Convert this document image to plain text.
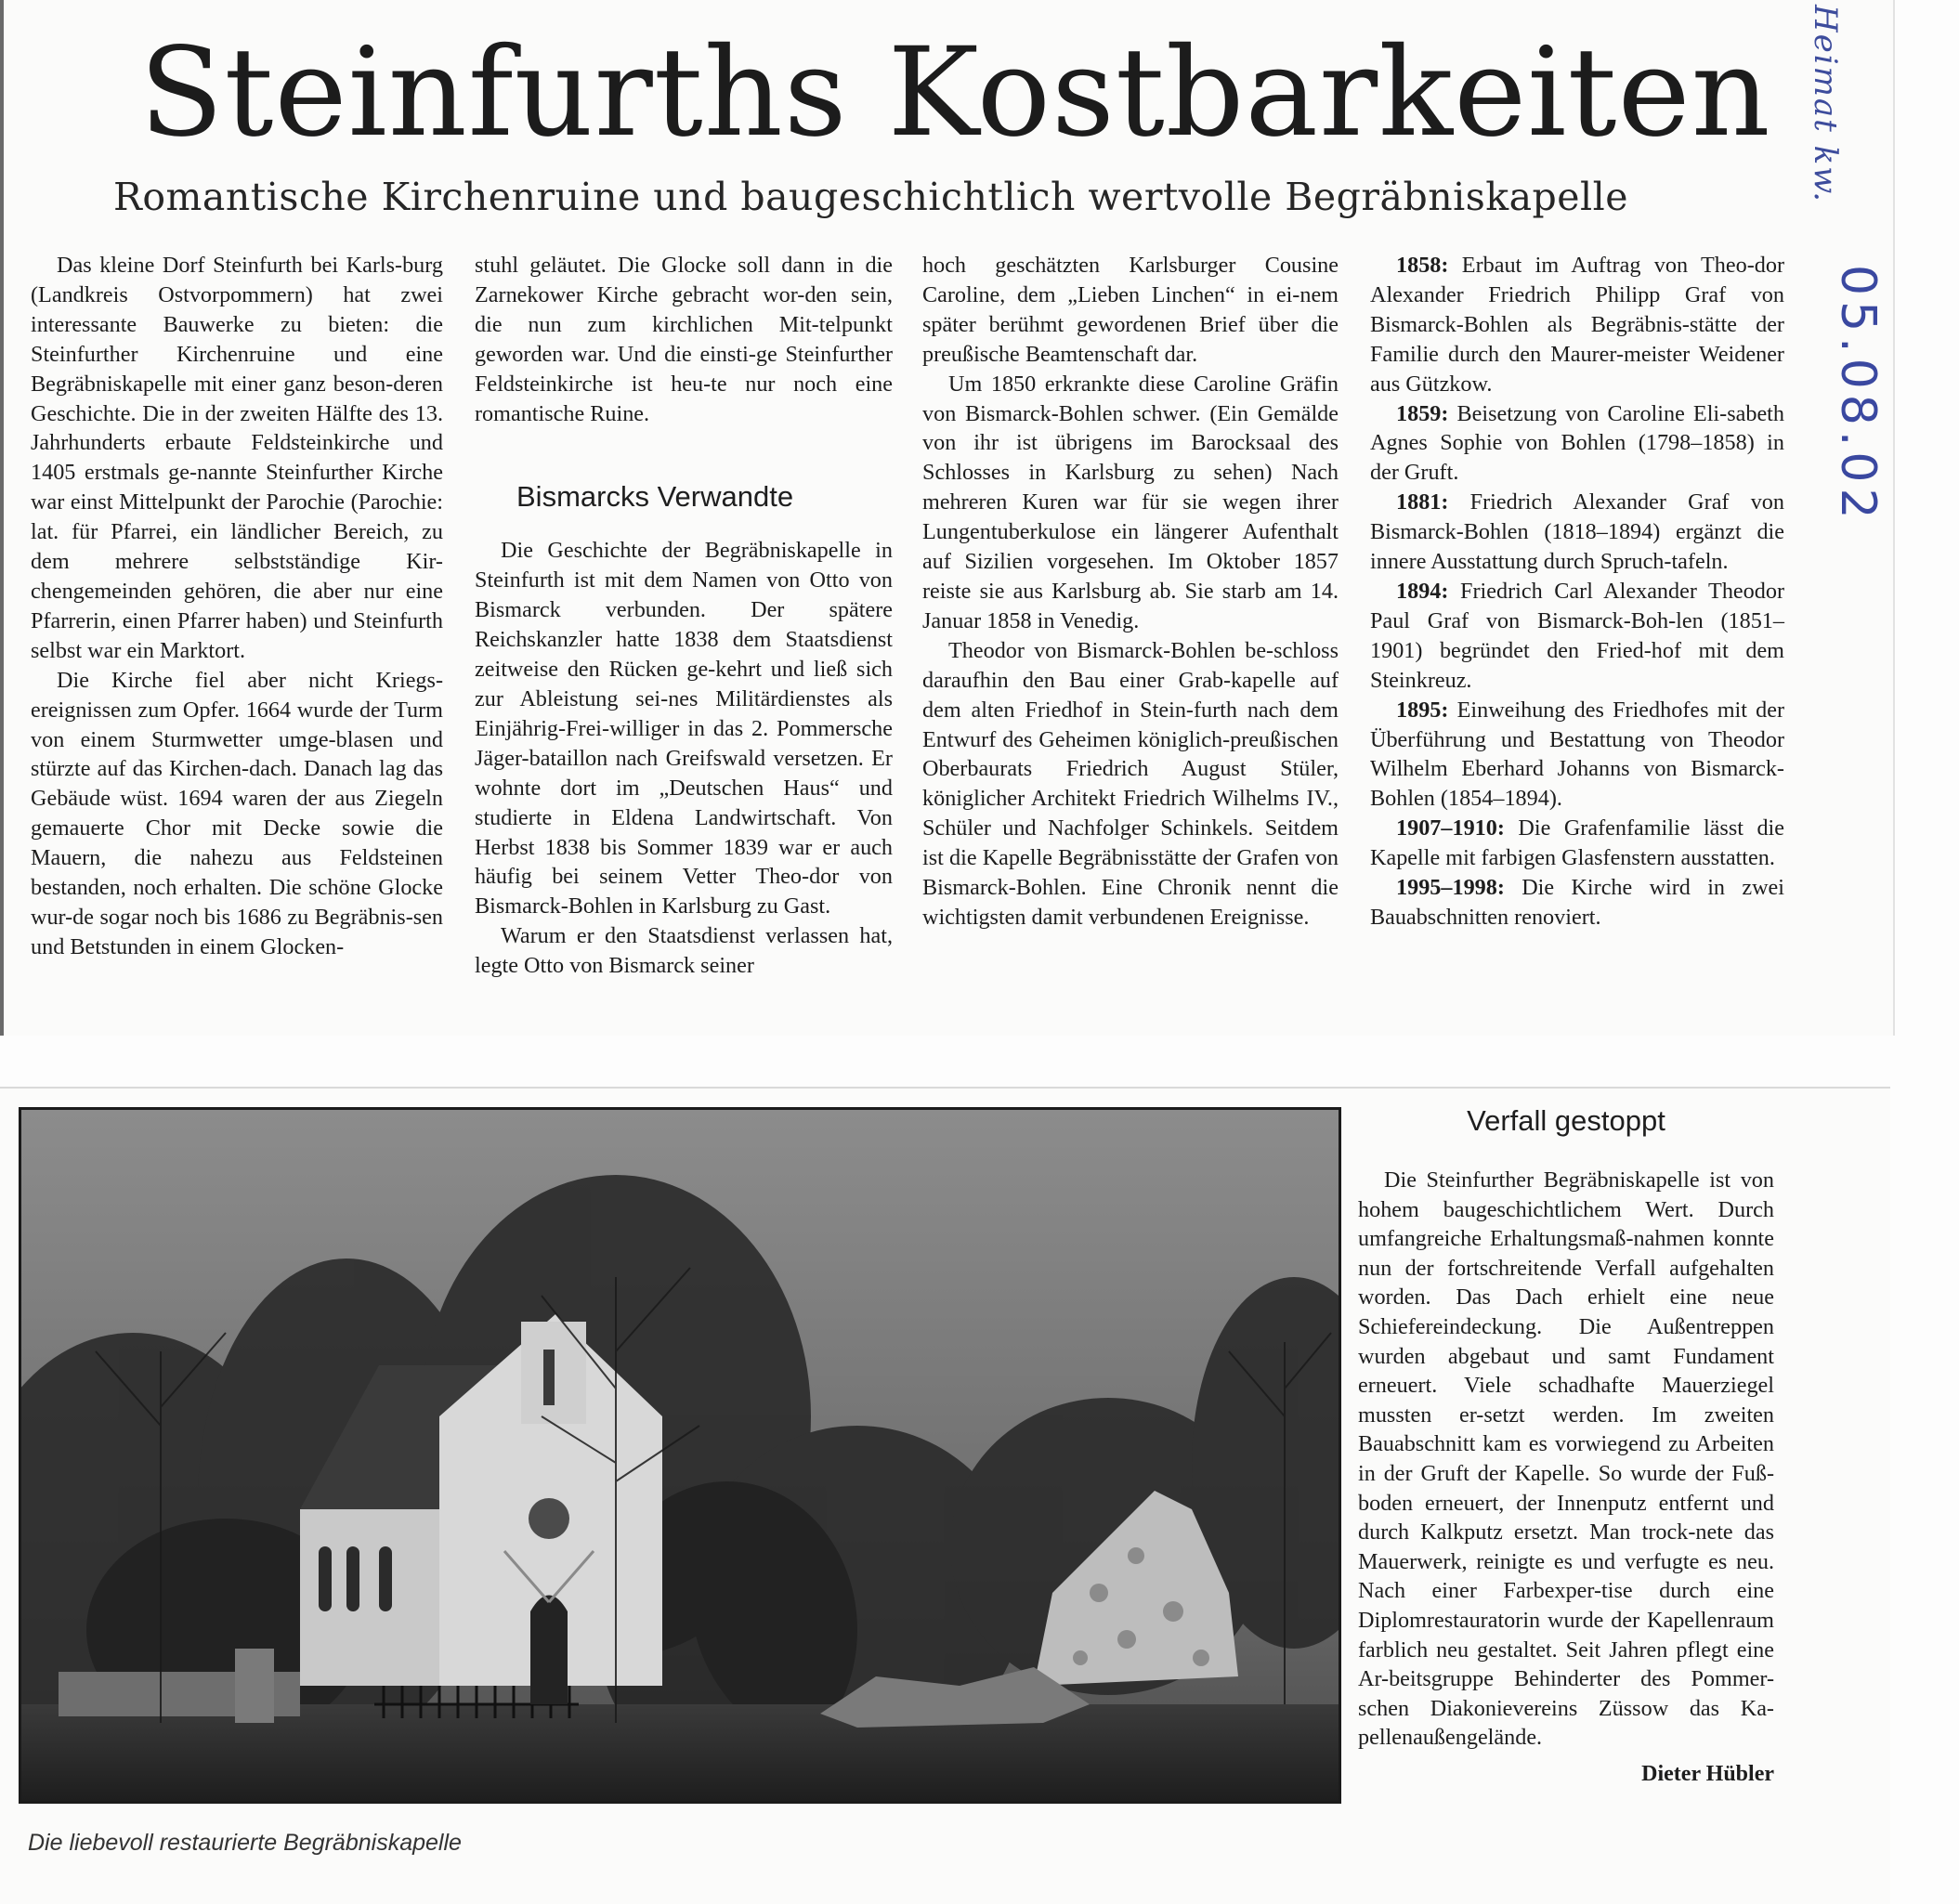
Steinfurths Kostbarkeiten
Romantische Kirchenruine und baugeschichtlich wertvolle Begräbniskapelle	Heimat kw.
05.08.02

Das kleine Dorf Steinfurth bei Karls-burg (Landkreis Ostvorpommern) hat zwei interessante Bauwerke zu bieten: die Steinfurther Kirchenruine und eine Begräbniskapelle mit einer ganz beson-deren Geschichte. Die in der zweiten Hälfte des 13. Jahrhunderts erbaute Feldsteinkirche und 1405 erstmals ge-nannte Steinfurther Kirche war einst Mittelpunkt der Parochie (Parochie: lat. für Pfarrei, ein ländlicher Bereich, zu dem mehrere selbstständige Kir-chengemeinden gehören, die aber nur eine Pfarrerin, einen Pfarrer haben) und Steinfurth selbst war ein Marktort.

Die Kirche fiel aber nicht Kriegs-ereignissen zum Opfer. 1664 wurde der Turm von einem Sturmwetter umge-blasen und stürzte auf das Kirchen-dach. Danach lag das Gebäude wüst. 1694 waren der aus Ziegeln gemauerte Chor mit Decke sowie die Mauern, die nahezu aus Feldsteinen bestanden, noch erhalten. Die schöne Glocke wur-de sogar noch bis 1686 zu Begräbnis-sen und Betstunden in einem Glocken-

stuhl geläutet. Die Glocke soll dann in die Zarnekower Kirche gebracht wor-den sein, die nun zum kirchlichen Mit-telpunkt geworden war. Und die einsti-ge Steinfurther Feldsteinkirche ist heu-te nur noch eine romantische Ruine.

Bismarcks Verwandte

Die Geschichte der Begräbniskapelle in Steinfurth ist mit dem Namen von Otto von Bismarck verbunden. Der spätere Reichskanzler hatte 1838 dem Staatsdienst zeitweise den Rücken ge-kehrt und ließ sich zur Ableistung sei-nes Militärdienstes als Einjährig-Frei-williger in das 2. Pommersche Jäger-bataillon nach Greifswald versetzen. Er wohnte dort im „Deutschen Haus“ und studierte in Eldena Landwirtschaft. Von Herbst 1838 bis Sommer 1839 war er auch häufig bei seinem Vetter Theo-dor von Bismarck-Bohlen in Karlsburg zu Gast.

Warum er den Staatsdienst verlassen hat, legte Otto von Bismarck seiner

hoch geschätzten Karlsburger Cousine Caroline, dem „Lieben Linchen“ in ei-nem später berühmt gewordenen Brief über die preußische Beamtenschaft dar.

Um 1850 erkrankte diese Caroline Gräfin von Bismarck-Bohlen schwer. (Ein Gemälde von ihr ist übrigens im Barocksaal des Schlosses in Karlsburg zu sehen) Nach mehreren Kuren war für sie wegen ihrer Lungentuberkulose ein längerer Aufenthalt auf Sizilien vorgesehen. Im Oktober 1857 reiste sie aus Karlsburg ab. Sie starb am 14. Januar 1858 in Venedig.

Theodor von Bismarck-Bohlen be-schloss daraufhin den Bau einer Grab-kapelle auf dem alten Friedhof in Stein-furth nach dem Entwurf des Geheimen königlich-preußischen Oberbaurats Friedrich August Stüler, königlicher Architekt Friedrich Wilhelms IV., Schüler und Nachfolger Schinkels. Seitdem ist die Kapelle Begräbnisstätte der Grafen von Bismarck-Bohlen. Eine Chronik nennt die wichtigsten damit verbundenen Ereignisse.

1858: Erbaut im Auftrag von Theo-dor Alexander Friedrich Philipp Graf von Bismarck-Bohlen als Begräbnis-stätte der Familie durch den Maurer-meister Weidener aus Gützkow.

1859: Beisetzung von Caroline Eli-sabeth Agnes Sophie von Bohlen (1798–1858) in der Gruft.

1881: Friedrich Alexander Graf von Bismarck-Bohlen (1818–1894) ergänzt die innere Ausstattung durch Spruch-tafeln.

1894: Friedrich Carl Alexander Theodor Paul Graf von Bismarck-Boh-len (1851–1901) begründet den Fried-hof mit dem Steinkreuz.

1895: Einweihung des Friedhofes mit der Überführung und Bestattung von Theodor Wilhelm Eberhard Johanns von Bismarck-Bohlen (1854–1894).

1907–1910: Die Grafenfamilie lässt die Kapelle mit farbigen Glasfenstern ausstatten.

1995–1998: Die Kirche wird in zwei Bauabschnitten renoviert.

Die liebevoll restaurierte Begräbniskapelle
Verfall gestoppt

Die Steinfurther Begräbniskapelle ist von hohem baugeschichtlichem Wert. Durch umfangreiche Erhaltungsmaß-nahmen konnte nun der fortschreitende Verfall aufgehalten worden. Das Dach erhielt eine neue Schiefereindeckung. Die Außentreppen wurden abgebaut und samt Fundament erneuert. Viele schadhafte Mauerziegel mussten er-setzt werden. Im zweiten Bauabschnitt kam es vorwiegend zu Arbeiten in der Gruft der Kapelle. So wurde der Fuß-boden erneuert, der Innenputz entfernt und durch Kalkputz ersetzt. Man trock-nete das Mauerwerk, reinigte es und verfugte es neu. Nach einer Farbexper-tise durch eine Diplomrestauratorin wurde der Kapellenraum farblich neu gestaltet. Seit Jahren pflegt eine Ar-beitsgruppe Behinderter des Pommer-schen Diakonievereins Züssow das Ka-pellenaußengelände.

Dieter Hübler
